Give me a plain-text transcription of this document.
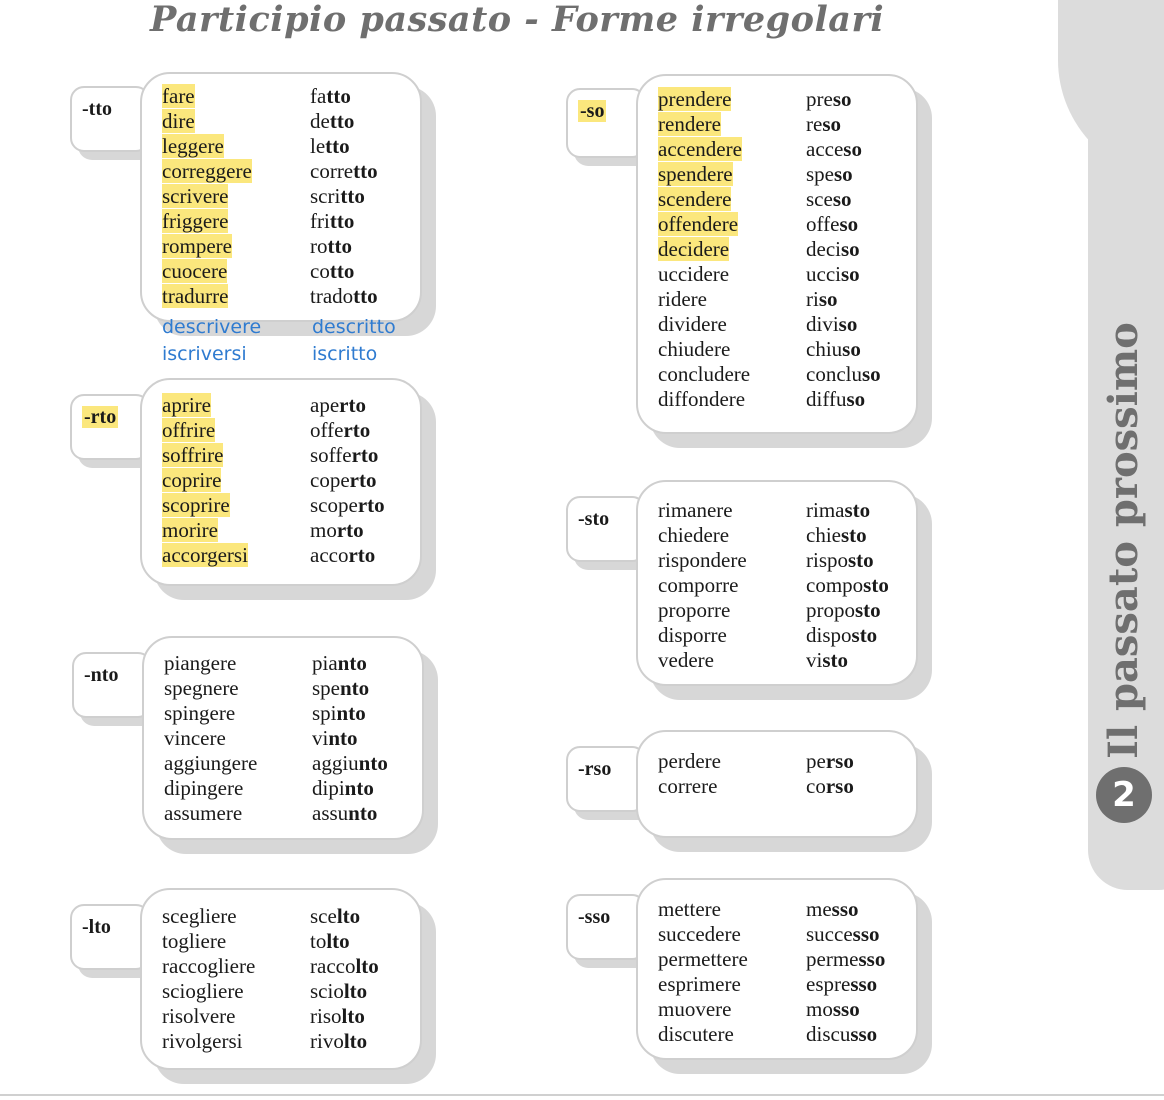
Il passato prossimo
2
Participio passato - Forme irregolari
-tto
fare	fatto
dire	detto
leggere	letto
correggere	corretto
scrivere	scritto
friggere	fritto
rompere	rotto
cuocere	cotto
tradurre	tradotto
descrivere	descritto
iscriversi	iscritto
-rto	aprire	aperto
offrire	offerto
soffrire	sofferto
coprire	coperto
scoprire	scoperto
morire	morto
accorgersi	accorto
-nto	piangere	pianto
spegnere	spento
spingere	spinto
vincere	vinto
aggiungere	aggiunto
dipingere	dipinto
assumere	assunto
-lto	scegliere	scelto
togliere	tolto
raccogliere	raccolto
sciogliere	sciolto
risolvere	risolto
rivolgersi	rivolto
-so	prendere	preso
rendere	reso
accendere	acceso
spendere	speso
scendere	sceso
offendere	offeso
decidere	deciso
uccidere	ucciso
ridere	riso
dividere	diviso
chiudere	chiuso
concludere	concluso
diffondere	diffuso
-sto	rimanere	rimasto
chiedere	chiesto
rispondere	risposto
comporre	composto
proporre	proposto
disporre	disposto
vedere	visto
-rso	perdere	perso
correre	corso
-sso	mettere	messo
succedere	successo
permettere	permesso
esprimere	espresso
muovere	mosso
discutere	discusso
